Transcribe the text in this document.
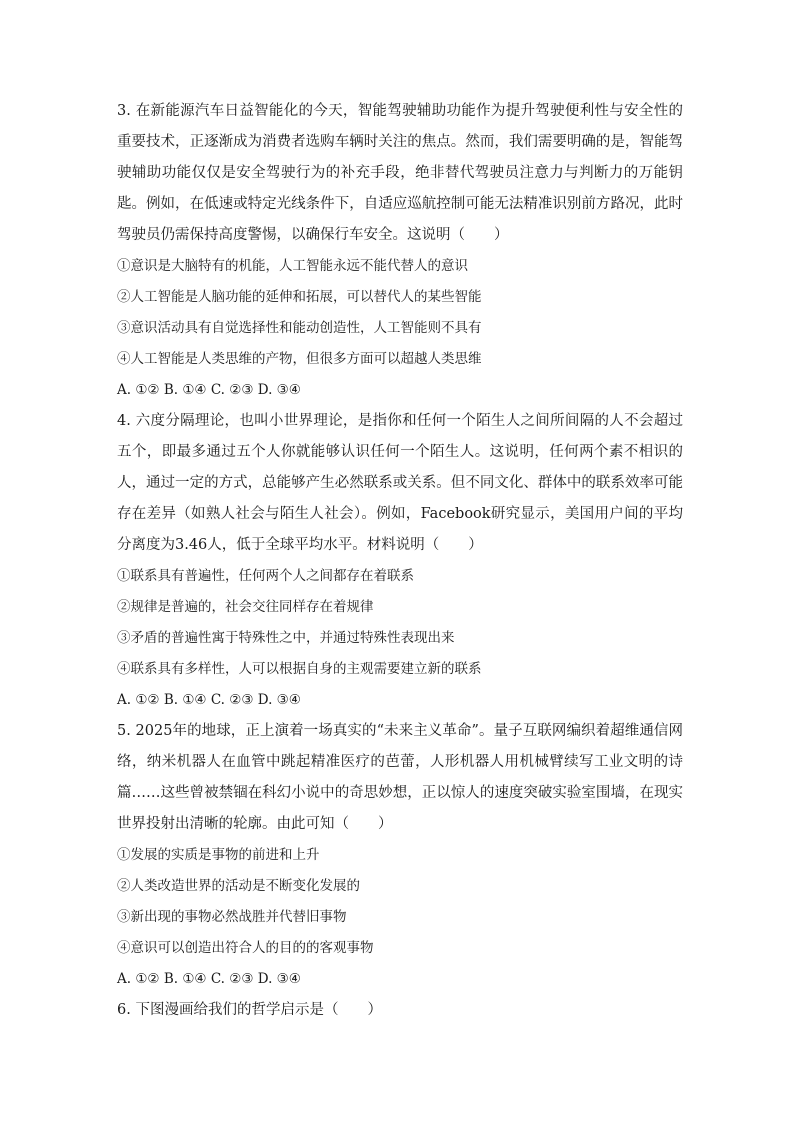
3. 在新能源汽车日益智能化的今天，智能驾驶辅助功能作为提升驾驶便利性与安全性的重要技术，正逐渐成为消费者选购车辆时关注的焦点。然而，我们需要明确的是，智能驾驶辅助功能仅仅是安全驾驶行为的补充手段，绝非替代驾驶员注意力与判断力的万能钥匙。例如，在低速或特定光线条件下，自适应巡航控制可能无法精准识别前方路况，此时驾驶员仍需保持高度警惕，以确保行车安全。这说明（　　）

①意识是大脑特有的机能，人工智能永远不能代替人的意识

②人工智能是人脑功能的延伸和拓展，可以替代人的某些智能

③意识活动具有自觉选择性和能动创造性，人工智能则不具有

④人工智能是人类思维的产物，但很多方面可以超越人类思维

A. ①② B. ①④ C. ②③ D. ③④

4. 六度分隔理论，也叫小世界理论，是指你和任何一个陌生人之间所间隔的人不会超过五个，即最多通过五个人你就能够认识任何一个陌生人。这说明，任何两个素不相识的人，通过一定的方式，总能够产生必然联系或关系。但不同文化、群体中的联系效率可能存在差异（如熟人社会与陌生人社会）。例如，Facebook研究显示，美国用户间的平均分离度为3.46人，低于全球平均水平。材料说明（　　）

①联系具有普遍性，任何两个人之间都存在着联系

②规律是普遍的，社会交往同样存在着规律

③矛盾的普遍性寓于特殊性之中，并通过特殊性表现出来

④联系具有多样性，人可以根据自身的主观需要建立新的联系

A. ①② B. ①④ C. ②③ D. ③④

5. 2025年的地球，正上演着一场真实的“未来主义革命”。量子互联网编织着超维通信网络，纳米机器人在血管中跳起精准医疗的芭蕾，人形机器人用机械臂续写工业文明的诗篇……这些曾被禁锢在科幻小说中的奇思妙想，正以惊人的速度突破实验室围墙，在现实世界投射出清晰的轮廓。由此可知（　　）

①发展的实质是事物的前进和上升

②人类改造世界的活动是不断变化发展的

③新出现的事物必然战胜并代替旧事物

④意识可以创造出符合人的目的的客观事物

A. ①② B. ①④ C. ②③ D. ③④

6. 下图漫画给我们的哲学启示是（　　）
